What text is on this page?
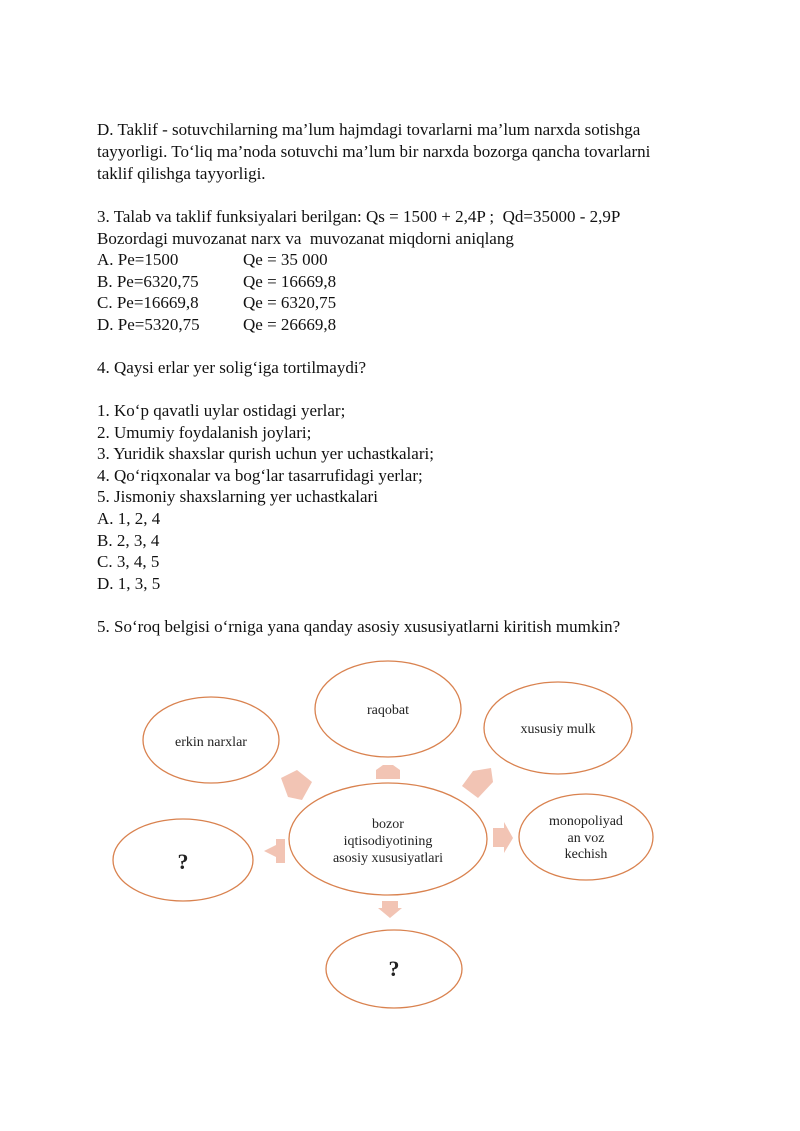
D. Taklif - sotuvchilarning ma’lum hajmdagi tovarlarni ma’lum narxda sotishga
tayyorligi. To‘liq ma’noda sotuvchi ma’lum bir narxda bozorga qancha tovarlarni
taklif qilishga tayyorligi.
3. Talab va taklif funksiyalari berilgan: Qs = 1500 + 2,4P ;  Qd=35000 - 2,9P
Bozordagi muvozanat narx va  muvozanat miqdorni aniqlang
A. Pe=1500	Qe = 35 000
B. Pe=6320,75	Qe = 16669,8
C. Pe=16669,8	Qe = 6320,75
D. Pe=5320,75	Qe = 26669,8
4. Qaysi erlar yer solig‘iga tortilmaydi?
1. Ko‘p qavatli uylar ostidagi yerlar;
2. Umumiy foydalanish joylari;
3. Yuridik shaxslar qurish uchun yer uchastkalari;
4. Qo‘riqxonalar va bog‘lar tasarrufidagi yerlar;
5. Jismoniy shaxslarning yer uchastkalari
A. 1, 2, 4
B. 2, 3, 4
C. 3, 4, 5
D. 1, 3, 5
5. So‘roq belgisi o‘rniga yana qanday asosiy xususiyatlarni kiritish mumkin?
raqobat
erkin narxlar
xususiy mulk
bozor
iqtisodiyotining
asosiy xususiyatlari
monopoliyad
an voz
kechish
?
?
